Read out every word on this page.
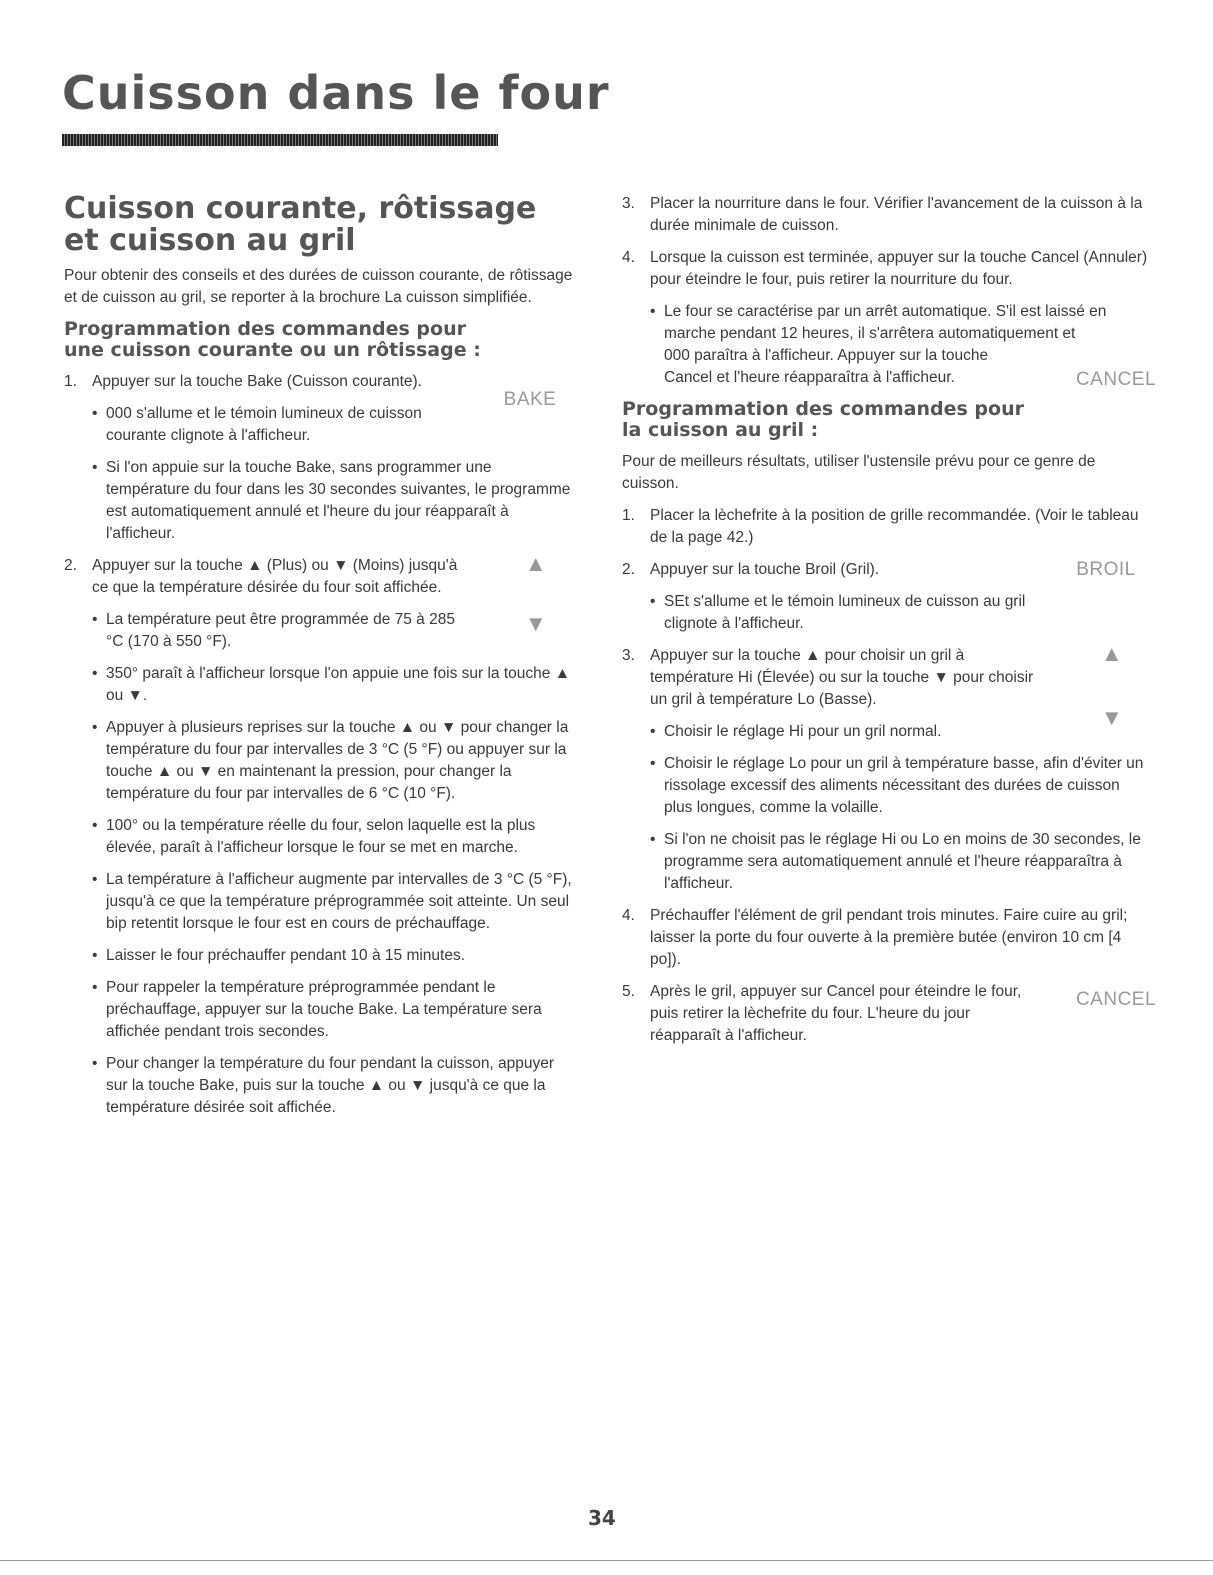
Cuisson dans le four
Cuisson courante, rôtissage et cuisson au gril

Pour obtenir des conseils et des durées de cuisson courante, de rôtissage et de cuisson au gril, se reporter à la brochure La cuisson simplifiée.

Programmation des commandes pour une cuisson courante ou un rôtissage :
1. Appuyer sur la touche Bake (Cuisson courante).
• 000 s'allume et le témoin lumineux de cuisson courante clignote à l'afficheur.
BAKE
• Si l'on appuie sur la touche Bake, sans programmer une température du four dans les 30 secondes suivantes, le programme est automatiquement annulé et l'heure du jour réapparaît à l'afficheur.
2. Appuyer sur la touche ▲ (Plus) ou ▼ (Moins) jusqu'à ce que la température désirée du four soit affichée.
• La température peut être programmée de 75 à 285 °C (170 à 550 °F).
▲
▼
• 350° paraît à l'afficheur lorsque l'on appuie une fois sur la touche ▲ ou ▼.
• Appuyer à plusieurs reprises sur la touche ▲ ou ▼ pour changer la température du four par intervalles de 3 °C (5 °F) ou appuyer sur la touche ▲ ou ▼ en maintenant la pression, pour changer la température du four par intervalles de 6 °C (10 °F).
• 100° ou la température réelle du four, selon laquelle est la plus élevée, paraît à l'afficheur lorsque le four se met en marche.
• La température à l'afficheur augmente par intervalles de 3 °C (5 °F), jusqu'à ce que la température préprogrammée soit atteinte. Un seul bip retentit lorsque le four est en cours de préchauffage.
• Laisser le four préchauffer pendant 10 à 15 minutes.
• Pour rappeler la température préprogrammée pendant le préchauffage, appuyer sur la touche Bake. La température sera affichée pendant trois secondes.
• Pour changer la température du four pendant la cuisson, appuyer sur la touche Bake, puis sur la touche ▲ ou ▼ jusqu'à ce que la température désirée soit affichée.
3. Placer la nourriture dans le four. Vérifier l'avancement de la cuisson à la durée minimale de cuisson.
4. Lorsque la cuisson est terminée, appuyer sur la touche Cancel (Annuler) pour éteindre le four, puis retirer la nourriture du four.
• Le four se caractérise par un arrêt automatique. S'il est laissé en marche pendant 12 heures, il s'arrêtera automatiquement et
000 paraîtra à l'afficheur. Appuyer sur la touche Cancel et l'heure réapparaîtra à l'afficheur.	CANCEL
Programmation des commandes pour la cuisson au gril :

Pour de meilleurs résultats, utiliser l'ustensile prévu pour ce genre de cuisson.

1. Placer la lèchefrite à la position de grille recommandée. (Voir le tableau de la page 42.)
2. Appuyer sur la touche Broil (Gril).
• SEt s'allume et le témoin lumineux de cuisson au gril clignote à l'afficheur.
BROIL
3. Appuyer sur la touche ▲ pour choisir un gril à température Hi (Élevée) ou sur la touche ▼ pour choisir un gril à température Lo (Basse).
• Choisir le réglage Hi pour un gril normal.
▲
▼
• Choisir le réglage Lo pour un gril à température basse, afin d'éviter un rissolage excessif des aliments nécessitant des durées de cuisson plus longues, comme la volaille.
• Si l'on ne choisit pas le réglage Hi ou Lo en moins de 30 secondes, le programme sera automatiquement annulé et l'heure réapparaîtra à l'afficheur.
4. Préchauffer l'élément de gril pendant trois minutes. Faire cuire au gril; laisser la porte du four ouverte à la première butée (environ 10 cm [4 po]).
5. Après le gril, appuyer sur Cancel pour éteindre le four, puis retirer la lèchefrite du four. L'heure du jour réapparaît à l'afficheur.
CANCEL
34
